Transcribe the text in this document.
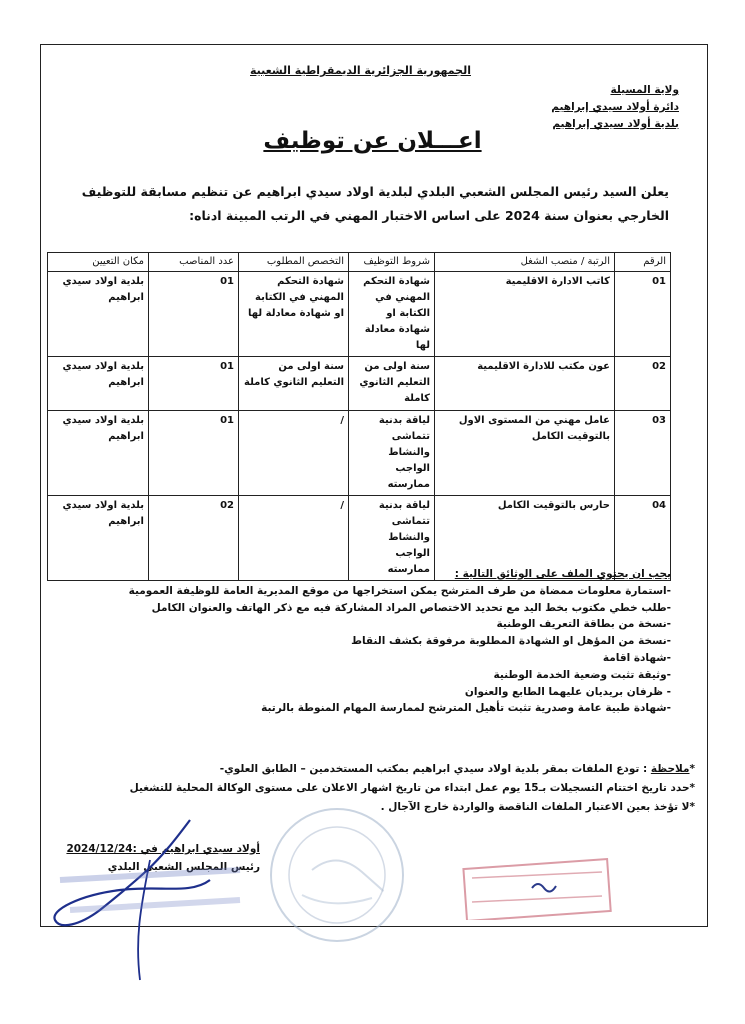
الجمهورية الجزائرية الديمقراطية الشعبية
ولاية المسيلة
دائرة أولاد سيدي إبراهيم
بلدية أولاد سيدي إبراهيم
اعـــلان عن توظيف
يعلن السيد رئيس المجلس الشعبي البلدي لبلدية اولاد سيدي ابراهيم عن تنظيم مسابقة للتوظيف الخارجي بعنوان سنة 2024 على اساس الاختبار المهني في الرتب المبينة ادناه:
الرقم	الرتبة / منصب الشغل	شروط التوظيف	التخصص المطلوب	عدد المناصب	مكان التعيين
01	كاتب الادارة الاقليمية	شهادة التحكم المهني في الكتابة او شهادة معادلة لها	شهادة التحكم المهني في الكتابة او شهادة معادلة لها	01	بلدية اولاد سيدي ابراهيم
02	عون مكتب للادارة الاقليمية	سنة اولى من التعليم الثانوي كاملة	سنة اولى من التعليم الثانوي كاملة	01	بلدية اولاد سيدي ابراهيم
03	عامل مهني من المستوى الاول بالتوقيت الكامل	لياقة بدنية تتماشى والنشاط الواجب ممارسته	/	01	بلدية اولاد سيدي ابراهيم
04	حارس بالتوقيت الكامل	لياقة بدنية تتماشى والنشاط الواجب ممارسته	/	02	بلدية اولاد سيدي ابراهيم
يجب ان يحتوي الملف على الوثائق التالية :
-استمارة معلومات ممضاة من طرف المترشح يمكن استخراجها من موقع المديرية العامة للوظيفة العمومية
-طلب خطي مكتوب بخط اليد مع تحديد الاختصاص المراد المشاركة فيه مع ذكر الهاتف والعنوان الكامل
-نسخة من بطاقة التعريف الوطنية
-نسخة من المؤهل او الشهادة المطلوبة مرفوقة بكشف النقاط
-شهادة اقامة
-وثيقة تثبت وضعية الخدمة الوطنية
- ظرفان بريديان عليهما الطابع والعنوان
-شهادة طبية عامة وصدرية تثبت تأهيل المترشح لممارسة المهام المنوطة بالرتبة
*ملاحظة : تودع الملفات بمقر بلدية اولاد سيدي ابراهيم بمكتب المستخدمين – الطابق العلوي-
*حدد تاريخ اختتام التسجيلات بـ15 يوم عمل ابتداء من تاريخ اشهار الاعلان على مستوى الوكالة المحلية للتشغيل
*لا تؤخذ بعين الاعتبار الملفات الناقصة والواردة خارج الآجال .
أولاد سيدي ابراهيم في :2024/12/24
رئيس المجلس الشعبي البلدي
